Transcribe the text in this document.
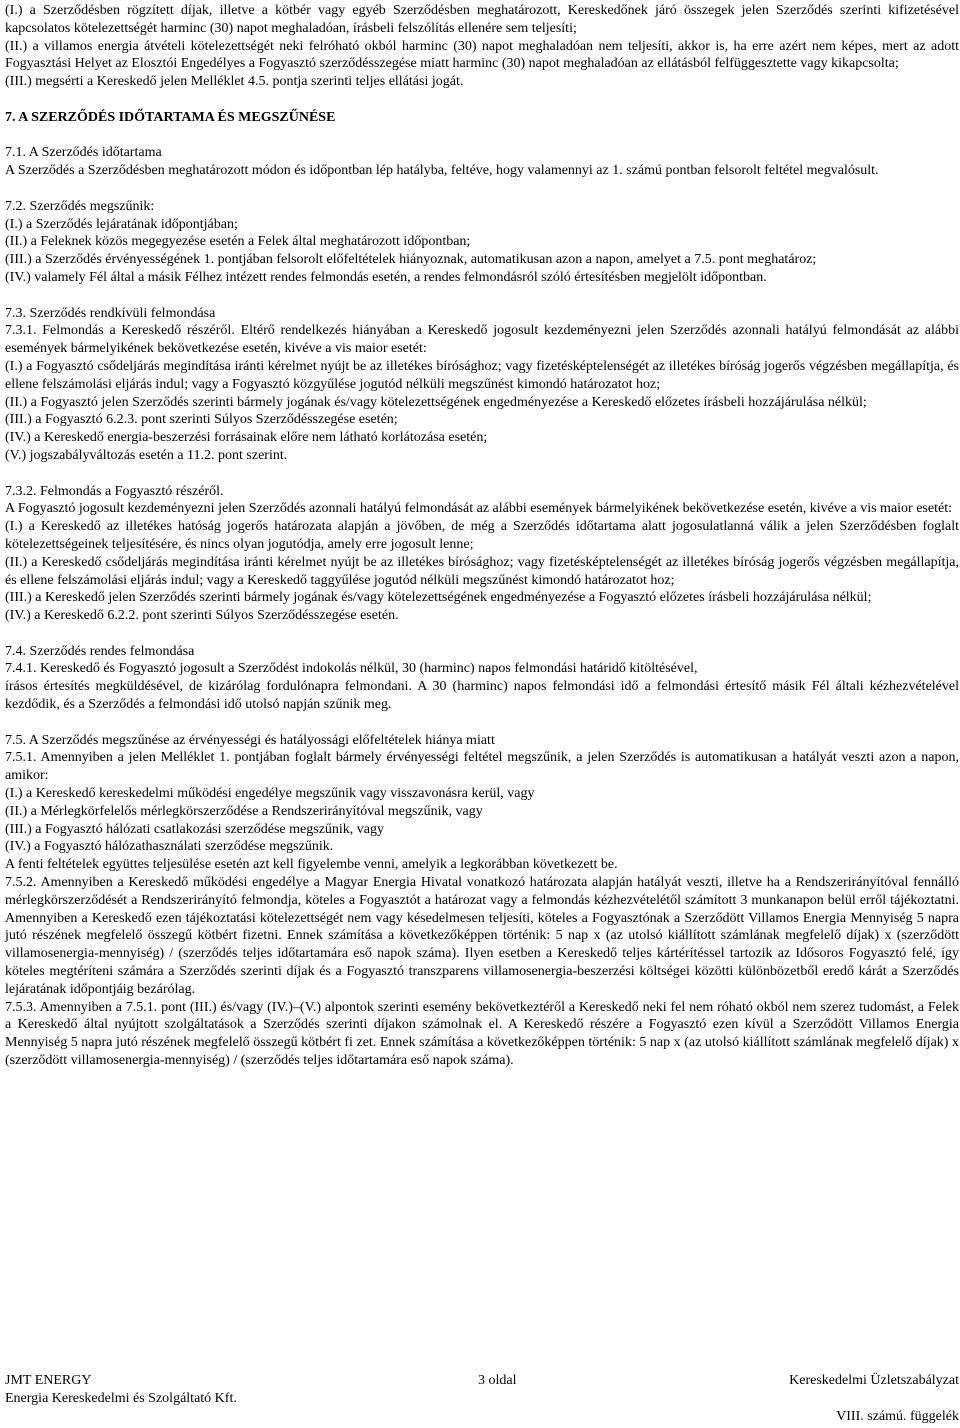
(I.) a Szerződésben rögzített díjak, illetve a kötbér vagy egyéb Szerződésben meghatározott, Kereskedőnek járó összegek jelen Szerződés szerinti kifizetésével kapcsolatos kötelezettségét harminc (30) napot meghaladóan, írásbeli felszólítás ellenére sem teljesíti;

(II.) a villamos energia átvételi kötelezettségét neki felróható okból harminc (30) napot meghaladóan nem teljesíti, akkor is, ha erre azért nem képes, mert az adott Fogyasztási Helyet az Elosztói Engedélyes a Fogyasztó szerződésszegése miatt harminc (30) napot meghaladóan az ellátásból felfüggesztette vagy kikapcsolta;

(III.) megsérti a Kereskedő jelen Melléklet 4.5. pontja szerinti teljes ellátási jogát.

7. A SZERZŐDÉS IDŐTARTAMA ÉS MEGSZŰNÉSE

7.1. A Szerződés időtartama

A Szerződés a Szerződésben meghatározott módon és időpontban lép hatályba, feltéve, hogy valamennyi az 1. számú pontban felsorolt feltétel megvalósult.

7.2. Szerződés megszűnik:

(I.) a Szerződés lejáratának időpontjában;

(II.) a Feleknek közös megegyezése esetén a Felek által meghatározott időpontban;

(III.) a Szerződés érvényességének 1. pontjában felsorolt előfeltételek hiányoznak, automatikusan azon a napon, amelyet a 7.5. pont meghatároz;

(IV.) valamely Fél által a másik Félhez intézett rendes felmondás esetén, a rendes felmondásról szóló értesítésben megjelölt időpontban.

7.3. Szerződés rendkívüli felmondása

7.3.1. Felmondás a Kereskedő részéről. Eltérő rendelkezés hiányában a Kereskedő jogosult kezdeményezni jelen Szerződés azonnali hatályú felmondását az alábbi események bármelyikének bekövetkezése esetén, kivéve a vis maior esetét:

(I.) a Fogyasztó csődeljárás megindítása iránti kérelmet nyújt be az illetékes bírósághoz; vagy fizetésképtelenségét az illetékes bíróság jogerős végzésben megállapítja, és ellene felszámolási eljárás indul; vagy a Fogyasztó közgyűlése jogutód nélküli megszűnést kimondó határozatot hoz;

(II.) a Fogyasztó jelen Szerződés szerinti bármely jogának és/vagy kötelezettségének engedményezése a Kereskedő előzetes írásbeli hozzájárulása nélkül;

(III.) a Fogyasztó 6.2.3. pont szerinti Súlyos Szerződésszegése esetén;

(IV.) a Kereskedő energia-beszerzési forrásainak előre nem látható korlátozása esetén;

(V.) jogszabályváltozás esetén a 11.2. pont szerint.

7.3.2. Felmondás a Fogyasztó részéről.

A Fogyasztó jogosult kezdeményezni jelen Szerződés azonnali hatályú felmondását az alábbi események bármelyikének bekövetkezése esetén, kivéve a vis maior esetét:

(I.) a Kereskedő az illetékes hatóság jogerős határozata alapján a jövőben, de még a Szerződés időtartama alatt jogosulatlanná válik a jelen Szerződésben foglalt kötelezettségeinek teljesítésére, és nincs olyan jogutódja, amely erre jogosult lenne;

(II.) a Kereskedő csődeljárás megindítása iránti kérelmet nyújt be az illetékes bírósághoz; vagy fizetésképtelenségét az illetékes bíróság jogerős végzésben megállapítja, és ellene felszámolási eljárás indul; vagy a Kereskedő taggyűlése jogutód nélküli megszűnést kimondó határozatot hoz;

(III.) a Kereskedő jelen Szerződés szerinti bármely jogának és/vagy kötelezettségének engedményezése a Fogyasztó előzetes írásbeli hozzájárulása nélkül;

(IV.) a Kereskedő 6.2.2. pont szerinti Súlyos Szerződésszegése esetén.

7.4. Szerződés rendes felmondása

7.4.1. Kereskedő és Fogyasztó jogosult a Szerződést indokolás nélkül, 30 (harminc) napos felmondási határidő kitöltésével,

írásos értesítés megküldésével, de kizárólag fordulónapra felmondani. A 30 (harminc) napos felmondási idő a felmondási értesítő másik Fél általi kézhezvételével kezdődik, és a Szerződés a felmondási idő utolsó napján szűnik meg.

7.5. A Szerződés megszűnése az érvényességi és hatályossági előfeltételek hiánya miatt

7.5.1. Amennyiben a jelen Melléklet 1. pontjában foglalt bármely érvényességi feltétel megszűnik, a jelen Szerződés is automatikusan a hatályát veszti azon a napon, amikor:

(I.) a Kereskedő kereskedelmi működési engedélye megszűnik vagy visszavonásra kerül, vagy

(II.) a Mérlegkörfelelős mérlegkörszerződése a Rendszerirányítóval megszűnik, vagy

(III.) a Fogyasztó hálózati csatlakozási szerződése megszűnik, vagy

(IV.) a Fogyasztó hálózathasználati szerződése megszűnik.

A fenti feltételek együttes teljesülése esetén azt kell figyelembe venni, amelyik a legkorábban következett be.

7.5.2. Amennyiben a Kereskedő működési engedélye a Magyar Energia Hivatal vonatkozó határozata alapján hatályát veszti, illetve ha a Rendszerirányítóval fennálló mérlegkörszerződését a Rendszerirányító felmondja, köteles a Fogyasztót a határozat vagy a felmondás kézhezvételétől számított 3 munkanapon belül erről tájékoztatni. Amennyiben a Kereskedő ezen tájékoztatási kötelezettségét nem vagy késedelmesen teljesíti, köteles a Fogyasztónak a Szerződött Villamos Energia Mennyiség 5 napra jutó részének megfelelő összegű kötbért fizetni. Ennek számítása a következőképpen történik: 5 nap x (az utolsó kiállított számlának megfelelő díjak) x (szerződött villamosenergia-mennyiség) / (szerződés teljes időtartamára eső napok száma). Ilyen esetben a Kereskedő teljes kártérítéssel tartozik az Idősoros Fogyasztó felé, így köteles megtéríteni számára a Szerződés szerinti díjak és a Fogyasztó transzparens villamosenergia-beszerzési költségei közötti különbözetből eredő kárát a Szerződés lejáratának időpontjáig bezárólag.

7.5.3. Amennyiben a 7.5.1. pont (III.) és/vagy (IV.)–(V.) alpontok szerinti esemény bekövetkeztéről a Kereskedő neki fel nem róható okból nem szerez tudomást, a Felek a Kereskedő által nyújtott szolgáltatások a Szerződés szerinti díjakon számolnak el. A Kereskedő részére a Fogyasztó ezen kívül a Szerződött Villamos Energia Mennyiség 5 napra jutó részének megfelelő összegű kötbért fi zet. Ennek számítása a következőképpen történik: 5 nap x (az utolsó kiállított számlának megfelelő díjak) x (szerződött villamosenergia-mennyiség) / (szerződés teljes időtartamára eső napok száma).

JMT ENERGY
Energia Kereskedelmi és Szolgáltató Kft.
3 oldal	Kereskedelmi Üzletszabályzat
VIII. számú. függelék
